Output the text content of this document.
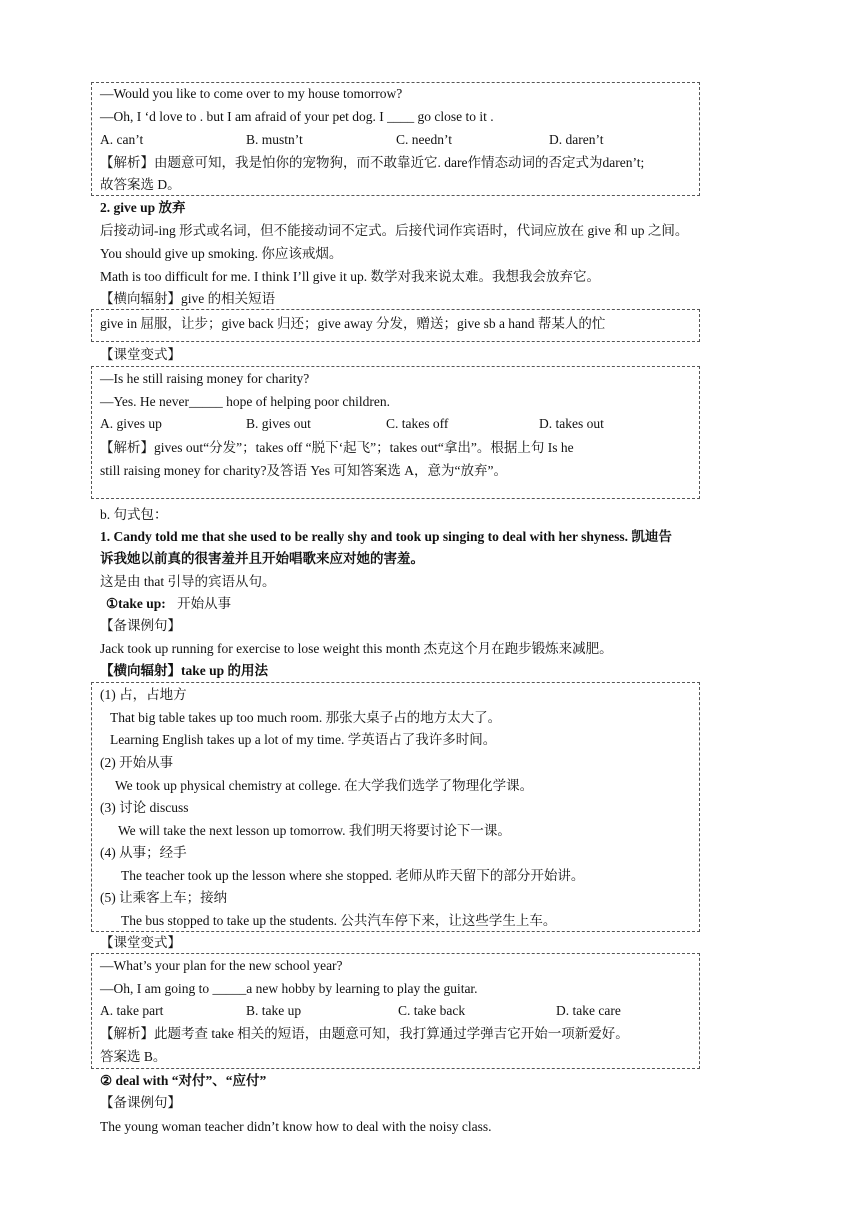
—Would you like to come over to my house tomorrow?
—Oh, I ‘d love to . but I am afraid of your pet dog. I ____ go close to it .
A. can’t	B. mustn’t	C. needn’t	D. daren’t
【解析】由题意可知，我是怕你的宠物狗，而不敢靠近它. dare作情态动词的否定式为daren’t;
故答案选 D。
2. give up 放弃
后接动词-ing 形式或名词，但不能接动词不定式。后接代词作宾语时，代词应放在 give 和 up 之间。
You should give up smoking. 你应该戒烟。
Math is too difficult for me. I think I’ll give it up. 数学对我来说太难。我想我会放弃它。
【横向辐射】give 的相关短语
give in 屈服，让步；give back 归还；give away 分发，赠送；give sb a hand 帮某人的忙
【课堂变式】
—Is he still raising money for charity?
—Yes. He never_____ hope of helping poor children.
A. gives up	B. gives out	C. takes off	D. takes out
【解析】gives out“分发”；takes off “脱下‘起飞”；takes out“拿出”。根据上句 Is he
still raising money for charity?及答语 Yes 可知答案选 A，意为“放弃”。
b. 句式包：
1. Candy told me that she used to be really shy and took up singing to deal with her shyness. 凯迪告
诉我她以前真的很害羞并且开始唱歌来应对她的害羞。
这是由 that 引导的宾语从句。
①take up: 开始从事
【备课例句】
Jack took up running for exercise to lose weight this month 杰克这个月在跑步锻炼来减肥。
【横向辐射】take up 的用法
(1) 占，占地方
That big table takes up too much room. 那张大桌子占的地方太大了。
Learning English takes up a lot of my time. 学英语占了我许多时间。
(2) 开始从事
We took up physical chemistry at college. 在大学我们选学了物理化学课。
(3) 讨论 discuss
We will take the next lesson up tomorrow. 我们明天将要讨论下一课。
(4) 从事；经手
The teacher took up the lesson where she stopped. 老师从昨天留下的部分开始讲。
(5) 让乘客上车；接纳
The bus stopped to take up the students. 公共汽车停下来，让这些学生上车。
【课堂变式】
—What’s your plan for the new school year?
—Oh, I am going to _____a new hobby by learning to play the guitar.
A. take part	B. take up	C. take back	D. take care
【解析】此题考查 take 相关的短语，由题意可知，我打算通过学弹吉它开始一项新爱好。
答案选 B。
② deal with “对付”、“应付”
【备课例句】
The young woman teacher didn’t know how to deal with the noisy class.
